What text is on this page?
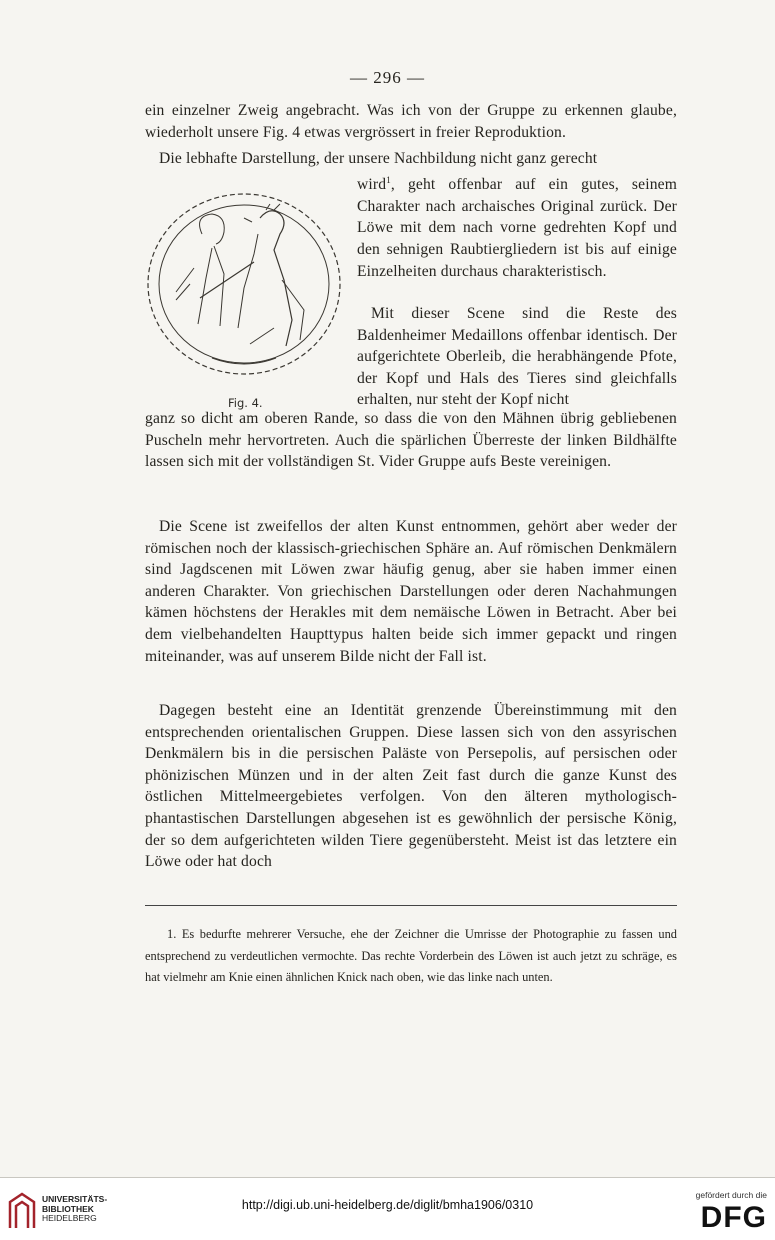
— 296 —

ein einzelner Zweig angebracht. Was ich von der Gruppe zu erkennen glaube, wiederholt unsere Fig. 4 etwas vergrössert in freier Reproduktion.

Die lebhafte Darstellung, der unsere Nachbildung nicht ganz gerecht

wird$^1$, geht offenbar auf ein gutes, seinem Charakter nach archaisches Original zurück. Der Löwe mit dem nach vorne gedrehten Kopf und den sehnigen Raubtiergliedern ist bis auf einige Einzelheiten durchaus charakteristisch.

Mit dieser Scene sind die Reste des Baldenheimer Medaillons offenbar identisch. Der aufgerichtete Oberleib, die herabhängende Pfote, der Kopf und Hals des Tieres sind gleichfalls erhalten, nur steht der Kopf nicht

Fig. 4.

ganz so dicht am oberen Rande, so dass die von den Mähnen übrig gebliebenen Puscheln mehr hervortreten. Auch die spärlichen Überreste der linken Bildhälfte lassen sich mit der vollständigen St. Vider Gruppe aufs Beste vereinigen.

Die Scene ist zweifellos der alten Kunst entnommen, gehört aber weder der römischen noch der klassisch-griechischen Sphäre an. Auf römischen Denkmälern sind Jagdscenen mit Löwen zwar häufig genug, aber sie haben immer einen anderen Charakter. Von griechischen Darstellungen oder deren Nachahmungen kämen höchstens der Herakles mit dem nemäische Löwen in Betracht. Aber bei dem vielbehandelten Haupttypus halten beide sich immer gepackt und ringen miteinander, was auf unserem Bilde nicht der Fall ist.

Dagegen besteht eine an Identität grenzende Übereinstimmung mit den entsprechenden orientalischen Gruppen. Diese lassen sich von den assyrischen Denkmälern bis in die persischen Paläste von Persepolis, auf persischen oder phönizischen Münzen und in der alten Zeit fast durch die ganze Kunst des östlichen Mittelmeergebietes verfolgen. Von den älteren mythologisch-phantastischen Darstellungen abgesehen ist es gewöhnlich der persische König, der so dem aufgerichteten wilden Tiere gegenübersteht. Meist ist das letztere ein Löwe oder hat doch

1. Es bedurfte mehrerer Versuche, ehe der Zeichner die Umrisse der Photographie zu fassen und entsprechend zu verdeutlichen vermochte. Das rechte Vorderbein des Löwen ist auch jetzt zu schräge, es hat vielmehr am Knie einen ähnlichen Knick nach oben, wie das linke nach unten.

UNIVERSITÄTS-
BIBLIOTHEK
HEIDELBERG
http://digi.ub.uni-heidelberg.de/diglit/bmha1906/0310
gefördert durch die
DFG
